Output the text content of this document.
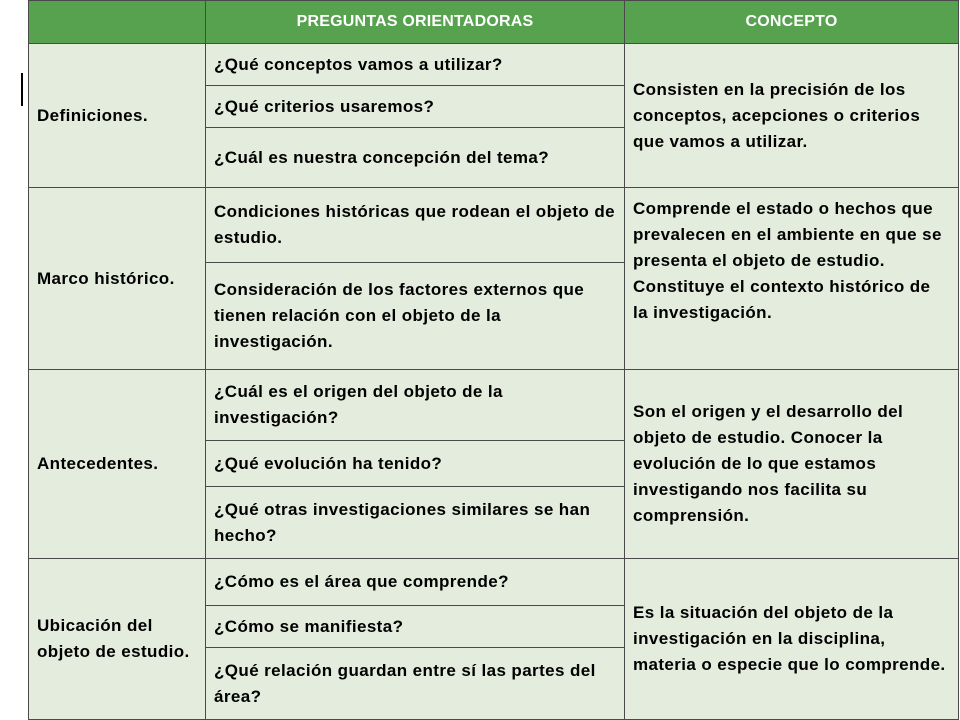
	PREGUNTAS ORIENTADORAS	CONCEPTO
Definiciones.	¿Qué conceptos vamos a utilizar?	Consisten en la precisión de los conceptos, acepciones o criterios que vamos a utilizar.
	¿Qué criterios usaremos?	
	¿Cuál es nuestra concepción del tema?	
Marco histórico.	Condiciones históricas que rodean el objeto de estudio.	Comprende el estado o hechos que prevalecen en el ambiente en que se presenta el objeto de estudio. Constituye el contexto histórico de la investigación.
	Consideración de los factores externos que tienen relación con el objeto de la investigación.	
Antecedentes.	¿Cuál es el origen del objeto de la investigación?	Son el origen y el desarrollo del objeto de estudio. Conocer la evolución de lo que estamos investigando nos facilita su comprensión.
	¿Qué evolución ha tenido?	
	¿Qué otras investigaciones similares se han hecho?	
Ubicación del objeto de estudio.	¿Cómo es el área que comprende?	Es la situación del objeto de la investigación en la disciplina, materia o especie que lo comprende.
	¿Cómo se manifiesta?	
	¿Qué relación guardan entre sí las partes del área?	
